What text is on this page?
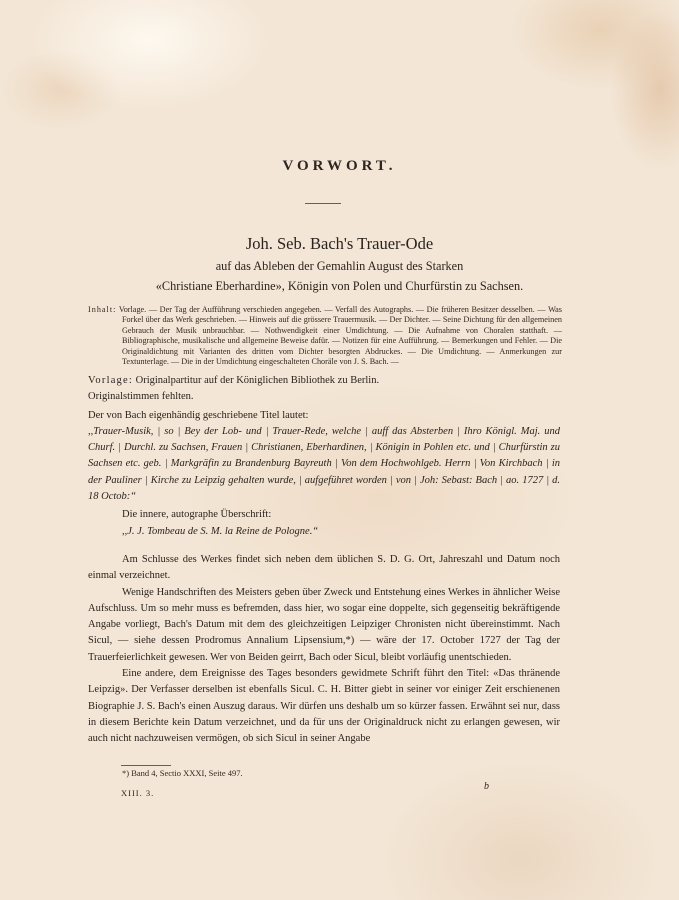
VORWORT.
Joh. Seb. Bach's Trauer-Ode
auf das Ableben der Gemahlin August des Starken
«Christiane Eberhardine», Königin von Polen und Churfürstin zu Sachsen.

Inhalt: Vorlage. — Der Tag der Aufführung verschieden angegeben. — Verfall des Autographs. — Die früheren Besitzer desselben. — Was Forkel über das Werk geschrieben. — Hinweis auf die grössere Trauermusik. — Der Dichter. — Seine Dichtung für den allgemeinen Gebrauch der Musik unbrauchbar. — Nothwendigkeit einer Umdichtung. — Die Aufnahme von Choralen statthaft. — Bibliographische, musikalische und allgemeine Beweise dafür. — Notizen für eine Aufführung. — Bemerkungen und Fehler. — Die Originaldichtung mit Varianten des dritten vom Dichter besorgten Abdruckes. — Die Umdichtung. — Anmerkungen zur Textunterlage. — Die in der Umdichtung eingeschalteten Choräle von J. S. Bach. —

Vorlage: Originalpartitur auf der Königlichen Bibliothek zu Berlin.

Originalstimmen fehlten.

Der von Bach eigenhändig geschriebene Titel lautet:

,,Trauer-Musik, | so | Bey der Lob- und | Trauer-Rede, welche | auff das Absterben | Ihro Königl. Maj. und Churf. | Durchl. zu Sachsen, Frauen | Christianen, Eberhardinen, | Königin in Pohlen etc. und | Churfürstin zu Sachsen etc. geb. | Markgräfin zu Brandenburg Bayreuth | Von dem Hochwohlgeb. Herrn | Von Kirchbach | in der Pauliner | Kirche zu Leipzig gehalten wurde, | aufgeführet worden | von | Joh: Sebast: Bach | ao. 1727 | d. 18 Octob:“

Die innere, autographe Überschrift:

,,J. J. Tombeau de S. M. la Reine de Pologne.“

Am Schlusse des Werkes findet sich neben dem üblichen S. D. G. Ort, Jahreszahl und Datum noch einmal verzeichnet.

Wenige Handschriften des Meisters geben über Zweck und Entstehung eines Werkes in ähnlicher Weise Aufschluss. Um so mehr muss es befremden, dass hier, wo sogar eine doppelte, sich gegenseitig bekräftigende Angabe vorliegt, Bach's Datum mit dem des gleichzeitigen Leipziger Chronisten nicht übereinstimmt. Nach Sicul, — siehe dessen Prodromus Annalium Lipsensium,*) — wäre der 17. October 1727 der Tag der Trauerfeierlichkeit gewesen. Wer von Beiden geirrt, Bach oder Sicul, bleibt vorläufig unentschieden.

Eine andere, dem Ereignisse des Tages besonders gewidmete Schrift führt den Titel: «Das thränende Leipzig». Der Verfasser derselben ist ebenfalls Sicul. C. H. Bitter giebt in seiner vor einiger Zeit erschienenen Biographie J. S. Bach's einen Auszug daraus. Wir dürfen uns deshalb um so kürzer fassen. Erwähnt sei nur, dass in diesem Berichte kein Datum verzeichnet, und da für uns der Originaldruck nicht zu erlangen gewesen, wir auch nicht nachzuweisen vermögen, ob sich Sicul in seiner Angabe

*) Band 4, Sectio XXXI, Seite 497.
XIII. 3.
b
